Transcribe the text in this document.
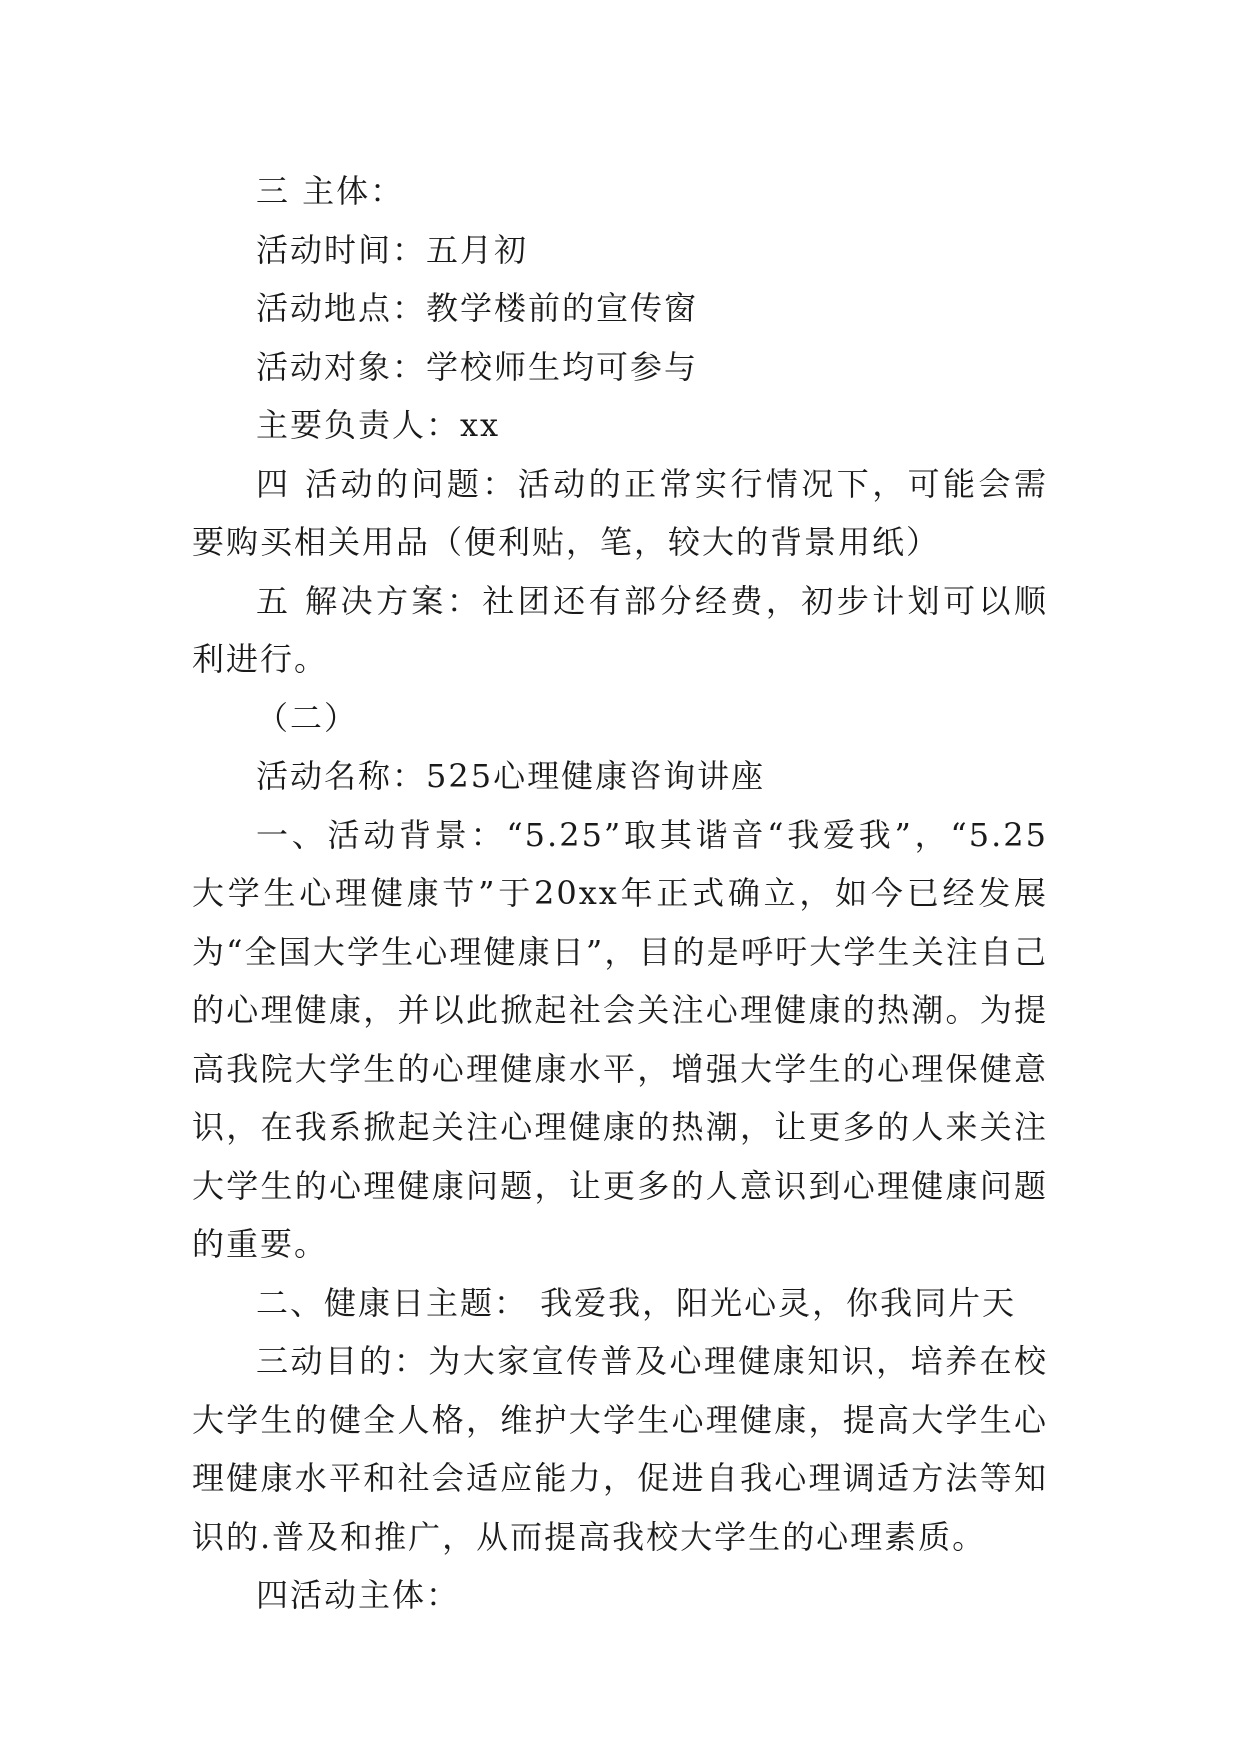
三 主体：

活动时间：五月初

活动地点：教学楼前的宣传窗

活动对象：学校师生均可参与

主要负责人：xx

四 活动的问题：活动的正常实行情况下，可能会需要购买相关用品（便利贴，笔，较大的背景用纸）

五 解决方案：社团还有部分经费，初步计划可以顺利进行。

（二）

活动名称：525心理健康咨询讲座

一、活动背景：“5.25”取其谐音“我爱我”，“5.25大学生心理健康节”于20xx年正式确立，如今已经发展为“全国大学生心理健康日”，目的是呼吁大学生关注自己的心理健康，并以此掀起社会关注心理健康的热潮。为提高我院大学生的心理健康水平，增强大学生的心理保健意识，在我系掀起关注心理健康的热潮，让更多的人来关注大学生的心理健康问题，让更多的人意识到心理健康问题的重要。

二、健康日主题： 我爱我，阳光心灵，你我同片天

三动目的：为大家宣传普及心理健康知识，培养在校大学生的健全人格，维护大学生心理健康，提高大学生心理健康水平和社会适应能力，促进自我心理调适方法等知识的.普及和推广，从而提高我校大学生的心理素质。

四活动主体：
